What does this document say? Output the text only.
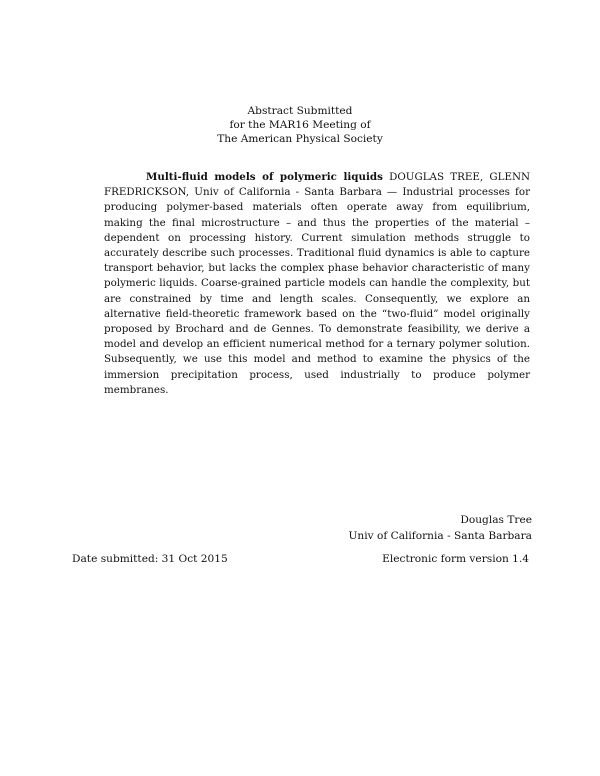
Abstract Submitted
for the MAR16 Meeting of
The American Physical Society
Multi-fluid models of polymeric liquids DOUGLAS TREE, GLENN FREDRICKSON, Univ of California - Santa Barbara — Industrial processes for producing polymer-based materials often operate away from equilibrium, making the final microstructure – and thus the properties of the material – dependent on processing history. Current simulation methods struggle to accurately describe such processes. Traditional fluid dynamics is able to capture transport behavior, but lacks the complex phase behavior characteristic of many polymeric liquids. Coarse-grained particle models can handle the complexity, but are constrained by time and length scales. Consequently, we explore an alternative field-theoretic framework based on the “two-fluid” model originally proposed by Brochard and de Gennes. To demonstrate feasibility, we derive a model and develop an efficient numerical method for a ternary polymer solution. Subsequently, we use this model and method to examine the physics of the immersion precipitation process, used industrially to produce polymer membranes.
Douglas Tree
Univ of California - Santa Barbara
Date submitted: 31 Oct 2015	Electronic form version 1.4
